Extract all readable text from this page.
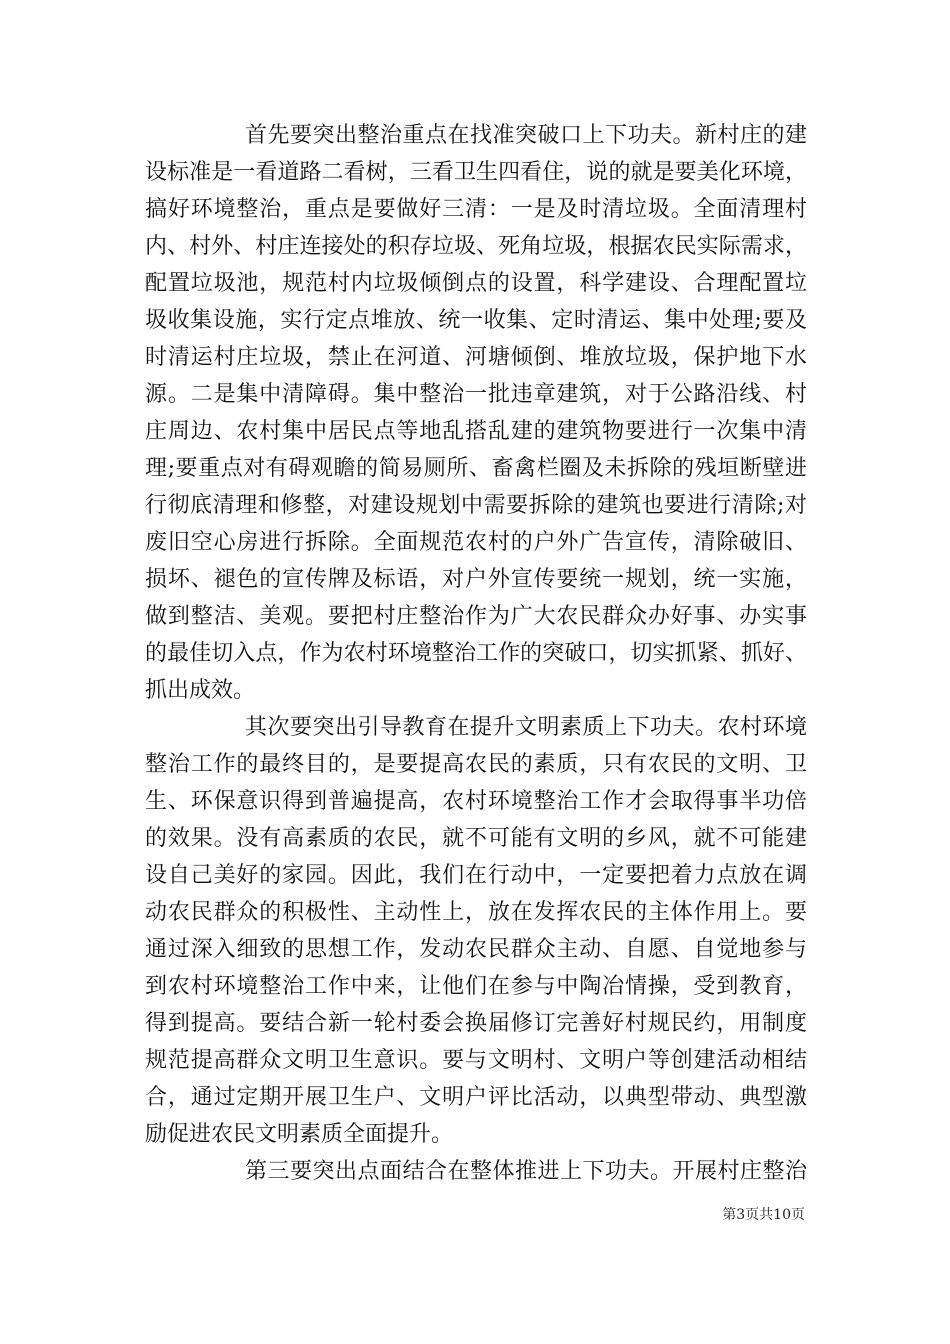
首先要突出整治重点在找准突破口上下功夫。新村庄的建
设标准是一看道路二看树，三看卫生四看住，说的就是要美化环境，
搞好环境整治，重点是要做好三清：一是及时清垃圾。全面清理村
内、村外、村庄连接处的积存垃圾、死角垃圾，根据农民实际需求，
配置垃圾池，规范村内垃圾倾倒点的设置，科学建设、合理配置垃
圾收集设施，实行定点堆放、统一收集、定时清运、集中处理;要及
时清运村庄垃圾，禁止在河道、河塘倾倒、堆放垃圾，保护地下水
源。二是集中清障碍。集中整治一批违章建筑，对于公路沿线、村
庄周边、农村集中居民点等地乱搭乱建的建筑物要进行一次集中清
理;要重点对有碍观瞻的简易厕所、畜禽栏圈及未拆除的残垣断壁进
行彻底清理和修整，对建设规划中需要拆除的建筑也要进行清除;对
废旧空心房进行拆除。全面规范农村的户外广告宣传，清除破旧、
损坏、褪色的宣传牌及标语，对户外宣传要统一规划，统一实施，
做到整洁、美观。要把村庄整治作为广大农民群众办好事、办实事
的最佳切入点，作为农村环境整治工作的突破口，切实抓紧、抓好、
抓出成效。
其次要突出引导教育在提升文明素质上下功夫。农村环境
整治工作的最终目的，是要提高农民的素质，只有农民的文明、卫
生、环保意识得到普遍提高，农村环境整治工作才会取得事半功倍
的效果。没有高素质的农民，就不可能有文明的乡风，就不可能建
设自己美好的家园。因此，我们在行动中，一定要把着力点放在调
动农民群众的积极性、主动性上，放在发挥农民的主体作用上。要
通过深入细致的思想工作，发动农民群众主动、自愿、自觉地参与
到农村环境整治工作中来，让他们在参与中陶冶情操，受到教育，
得到提高。要结合新一轮村委会换届修订完善好村规民约，用制度
规范提高群众文明卫生意识。要与文明村、文明户等创建活动相结
合，通过定期开展卫生户、文明户评比活动，以典型带动、典型激
励促进农民文明素质全面提升。
第三要突出点面结合在整体推进上下功夫。开展村庄整治
第3页共10页
